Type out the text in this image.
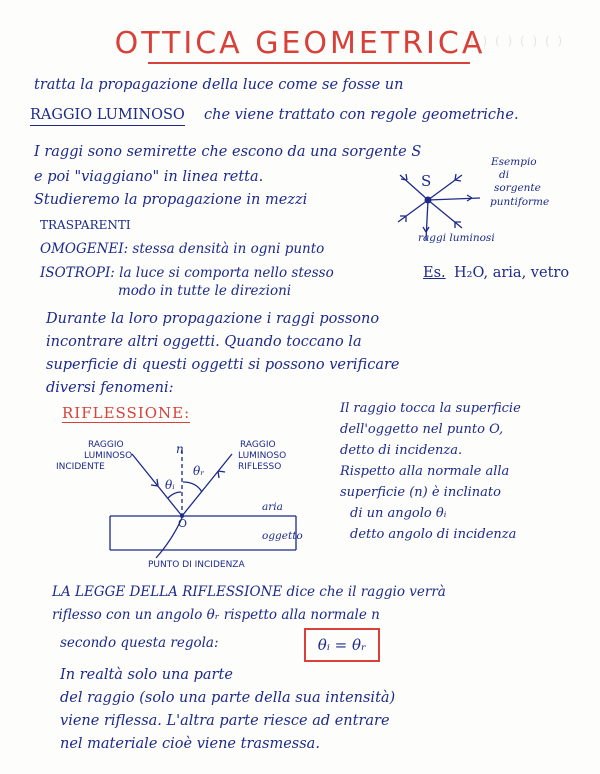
( ) ( ) ( ) ( )
OTTICA GEOMETRICA
tratta la propagazione della luce come se fosse un
RAGGIO LUMINOSO che viene trattato con regole geometriche.
I raggi sono semirette che escono da una sorgente S
e poi "viaggiano" in linea retta.
Studieremo la propagazione in mezzi
TRASPARENTI
OMOGENEI: stessa densità in ogni punto
ISOTROPI: la luce si comporta nello stesso
modo in tutte le direzioni
S
Esempio
di
sorgente
puntiforme
raggi luminosi
Es. H₂O, aria, vetro
Durante la loro propagazione i raggi possono
incontrare altri oggetti. Quando toccano la
superficie di questi oggetti si possono verificare
diversi fenomeni:
RIFLESSIONE:	Il raggio tocca la superficie
dell'oggetto nel punto O,
detto di incidenza.
Rispetto alla normale alla
superficie (n) è inclinato
di un angolo θᵢ
detto angolo di incidenza
RAGGIO
LUMINOSO
INCIDENTE
n	RAGGIO
LUMINOSO
RIFLESSO
θᵢ
θᵣ
O
aria
oggetto
PUNTO DI INCIDENZA
LA LEGGE DELLA RIFLESSIONE dice che il raggio verrà
riflesso con un angolo θᵣ rispetto alla normale n
secondo questa regola:	θᵢ = θᵣ
In realtà solo una parte
del raggio (solo una parte della sua intensità)
viene riflessa. L'altra parte riesce ad entrare
nel materiale cioè viene trasmessa.
